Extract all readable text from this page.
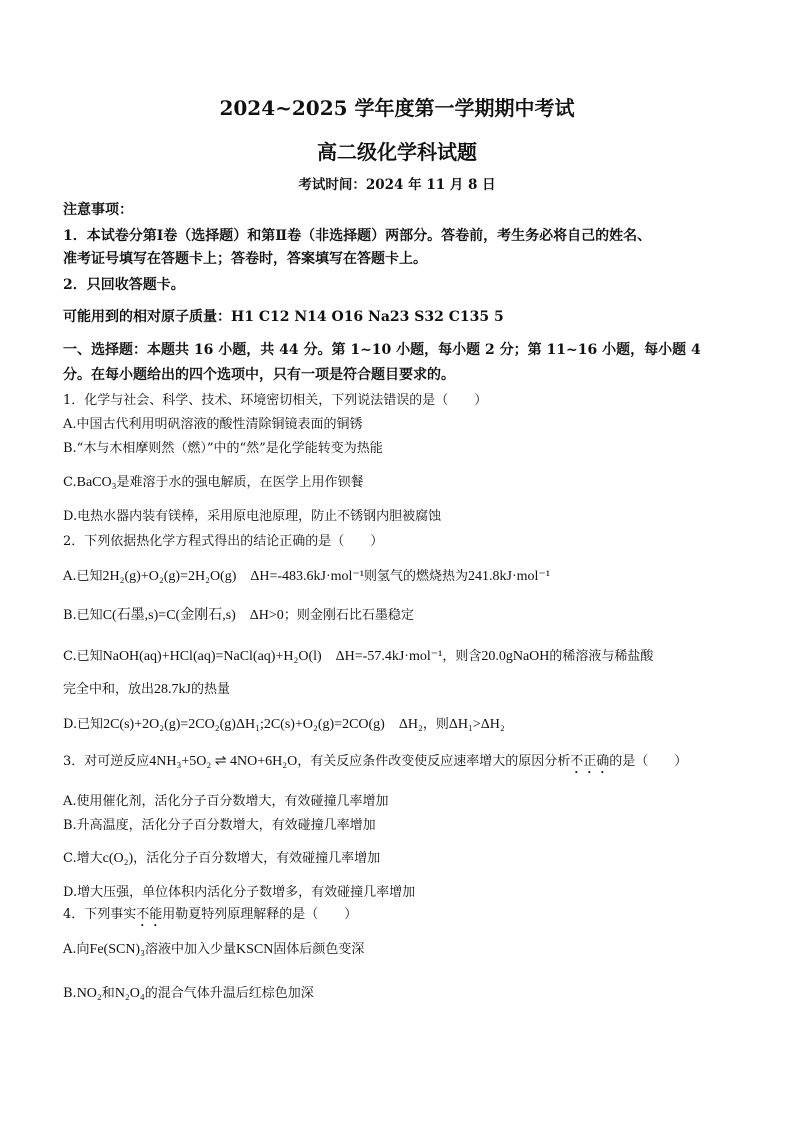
2024~2025 学年度第一学期期中考试
高二级化学科试题
考试时间：2024 年 11 月 8 日
注意事项：
1．本试卷分第Ⅰ卷（选择题）和第Ⅱ卷（非选择题）两部分。答卷前，考生务必将自己的姓名、
准考证号填写在答题卡上；答卷时，答案填写在答题卡上。
2．只回收答题卡。
可能用到的相对原子质量：H1 C12 N14 O16 Na23 S32 C135 5
一、选择题：本题共 16 小题，共 44 分。第 1~10 小题，每小题 2 分；第 11~16 小题，每小题 4
分。在每小题给出的四个选项中，只有一项是符合题目要求的。
1．化学与社会、科学、技术、环境密切相关，下列说法错误的是（　　）
A.中国古代利用明矾溶液的酸性清除铜镜表面的铜锈
B.“木与木相摩则然（燃）”中的“然”是化学能转变为热能
C.BaCO₃是难溶于水的强电解质，在医学上用作钡餐
D.电热水器内装有镁棒，采用原电池原理，防止不锈钢内胆被腐蚀
2．下列依据热化学方程式得出的结论正确的是（　　）
A.已知2H₂(g)+O₂(g)=2H₂O(g)　ΔH=-483.6kJ·mol⁻¹则氢气的燃烧热为241.8kJ·mol⁻¹
B.已知C(石墨,s)=C(金刚石,s)　ΔH>0；则金刚石比石墨稳定
C.已知NaOH(aq)+HCl(aq)=NaCl(aq)+H₂O(l)　ΔH=-57.4kJ·mol⁻¹，则含20.0gNaOH的稀溶液与稀盐酸
完全中和，放出28.7kJ的热量
D.已知2C(s)+2O₂(g)=2CO₂(g)ΔH₁;2C(s)+O₂(g)=2CO(g)　ΔH₂，则ΔH₁>ΔH₂
3．对可逆反应4NH₃+5O₂ ⇌ 4NO+6H₂O，有关反应条件改变使反应速率增大的原因分析不正确的是（　　）
A.使用催化剂，活化分子百分数增大，有效碰撞几率增加
B.升高温度，活化分子百分数增大，有效碰撞几率增加
C.增大c(O₂)，活化分子百分数增大，有效碰撞几率增加
D.增大压强，单位体积内活化分子数增多，有效碰撞几率增加
4．下列事实不能用勒夏特列原理解释的是（　　）
A.向Fe(SCN)₃溶液中加入少量KSCN固体后颜色变深
B.NO₂和N₂O₄的混合气体升温后红棕色加深
